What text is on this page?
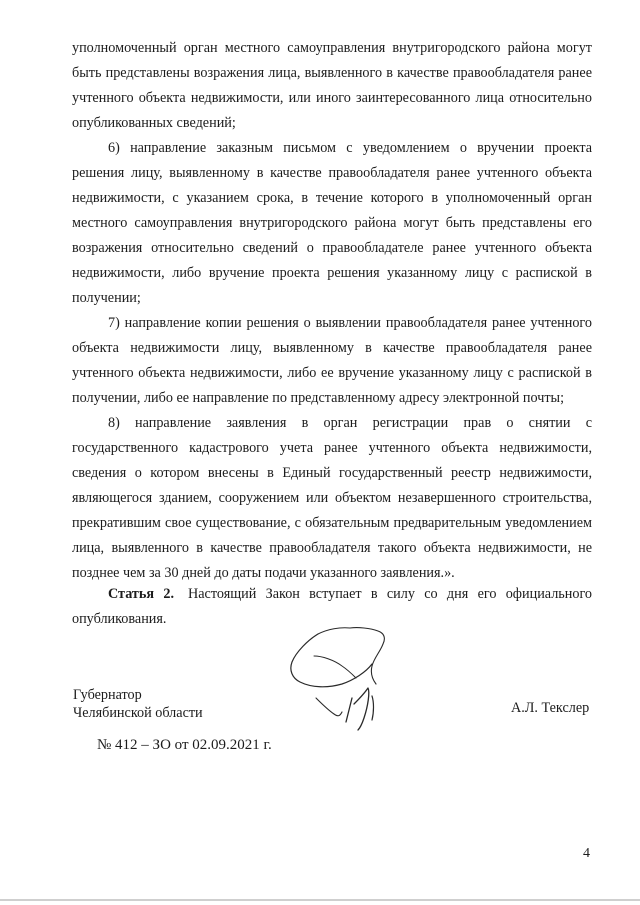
уполномоченный орган местного самоуправления внутригородского района могут быть представлены возражения лица, выявленного в качестве правообладателя ранее учтенного объекта недвижимости, или иного заинтересованного лица относительно опубликованных сведений;

6) направление заказным письмом с уведомлением о вручении проекта решения лицу, выявленному в качестве правообладателя ранее учтенного объекта недвижимости, с указанием срока, в течение которого в уполномоченный орган местного самоуправления внутригородского района могут быть представлены его возражения относительно сведений о правообладателе ранее учтенного объекта недвижимости, либо вручение проекта решения указанному лицу с распиской в получении;

7) направление копии решения о выявлении правообладателя ранее учтенного объекта недвижимости лицу, выявленному в качестве правообладателя ранее учтенного объекта недвижимости, либо ее вручение указанному лицу с распиской в получении, либо ее направление по представленному адресу электронной почты;

8) направление заявления в орган регистрации прав о снятии с государственного кадастрового учета ранее учтенного объекта недвижимости, сведения о котором внесены в Единый государственный реестр недвижимости, являющегося зданием, сооружением или объектом незавершенного строительства, прекратившим свое существование, с обязательным предварительным уведомлением лица, выявленного в качестве правообладателя такого объекта недвижимости, не позднее чем за 30 дней до даты подачи указанного заявления.».

Статья 2. Настоящий Закон вступает в силу со дня его официального опубликования.

Губернатор
Челябинской области	А.Л. Текслер
№ 412 – ЗО от 02.09.2021 г.
4
